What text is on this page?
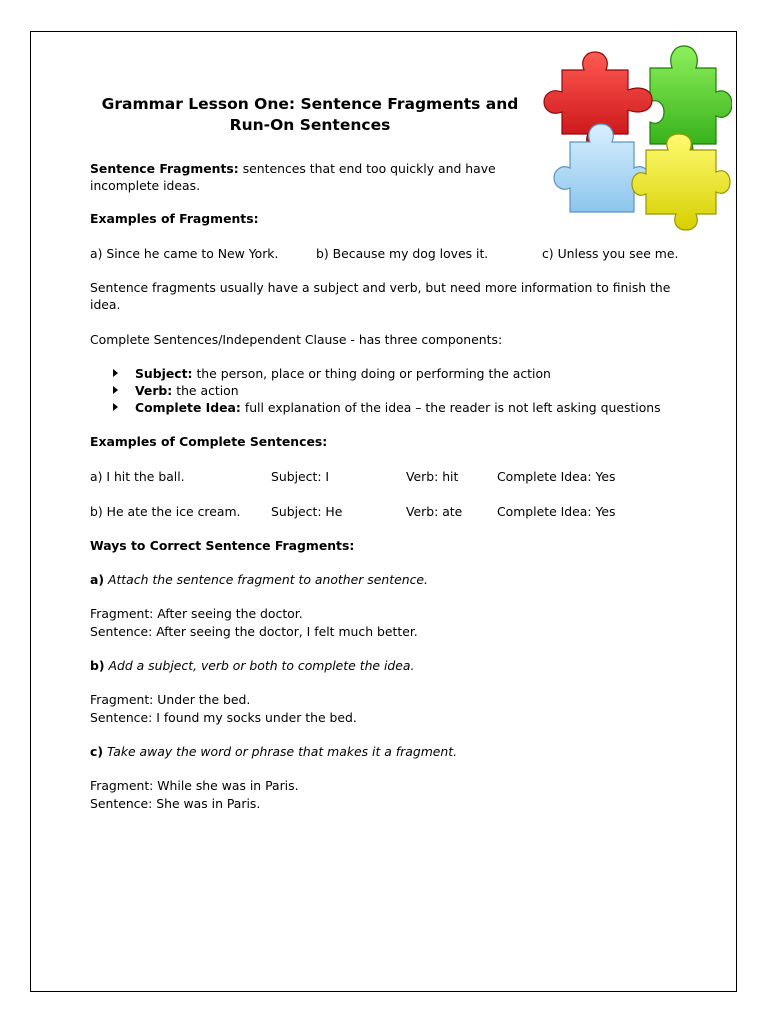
Grammar Lesson One: Sentence Fragments and
Run-On Sentences

Sentence Fragments: sentences that end too quickly and have

incomplete ideas.

Examples of Fragments:

a) Since he came to New York.	b) Because my dog loves it.	c) Unless you see me.

Sentence fragments usually have a subject and verb, but need more information to finish the

idea.

Complete Sentences/Independent Clause - has three components:

Subject: the person, place or thing doing or performing the action
Verb: the action
Complete Idea: full explanation of the idea – the reader is not left asking questions

Examples of Complete Sentences:

a) I hit the ball.	Subject: I	Verb: hit	Complete Idea: Yes

b) He ate the ice cream. Subject: He	Verb: ate	Complete Idea: Yes

Ways to Correct Sentence Fragments:

a) Attach the sentence fragment to another sentence.

Fragment: After seeing the doctor.

Sentence: After seeing the doctor, I felt much better.

b) Add a subject, verb or both to complete the idea.

Fragment: Under the bed.

Sentence: I found my socks under the bed.

c) Take away the word or phrase that makes it a fragment.

Fragment: While she was in Paris.

Sentence: She was in Paris.
